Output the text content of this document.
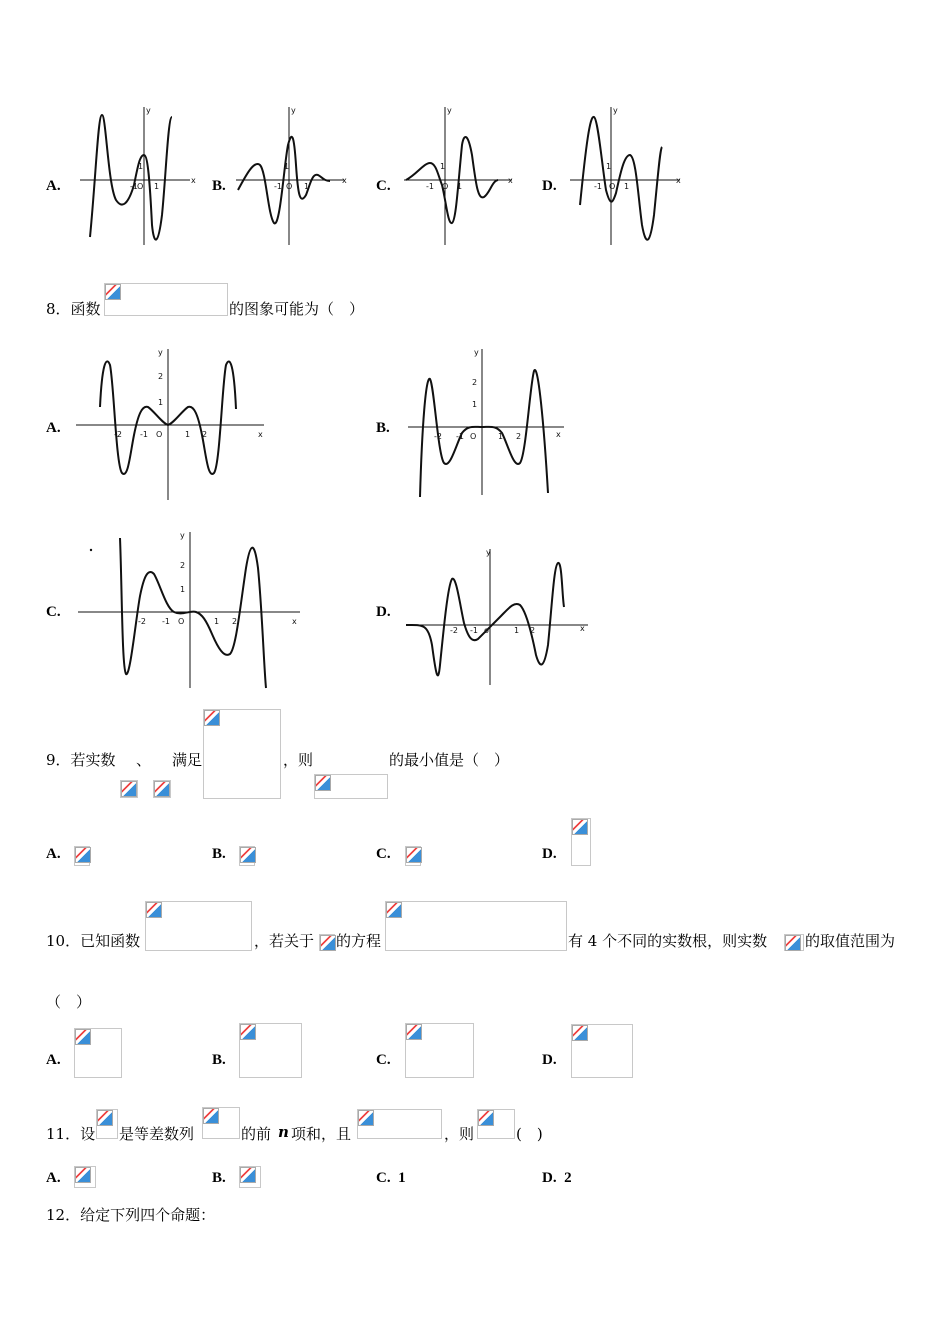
A.	x
y
-1 O 1
1
B.	x
y
-1 O 1
1
C.	x
y
-1 O 1
1
D.	x
y
-1 O 1
1
8．函数	的图象可能为（　）
A.	x
y
-2 -1 O	1 2
2
1
B.	x
y
-2 -1 O	1 2
2
1
C.
x
y
-2 -1 O	1 2
2
1
D.
x
y
-2 -1 o	1 2
9．若实数 、 满足	，则	的最小值是（　）
A.	B.	C.	D.
10．已知函数	，若关于 的方程	有 4 个不同的实数根，则实数	的取值范围为
（　）
A.	B.	C.	D.
11．设 是等差数列	的前 n 项和，且	，则	(　)
A.	B.	C.  1	D.  2
12．给定下列四个命题：
